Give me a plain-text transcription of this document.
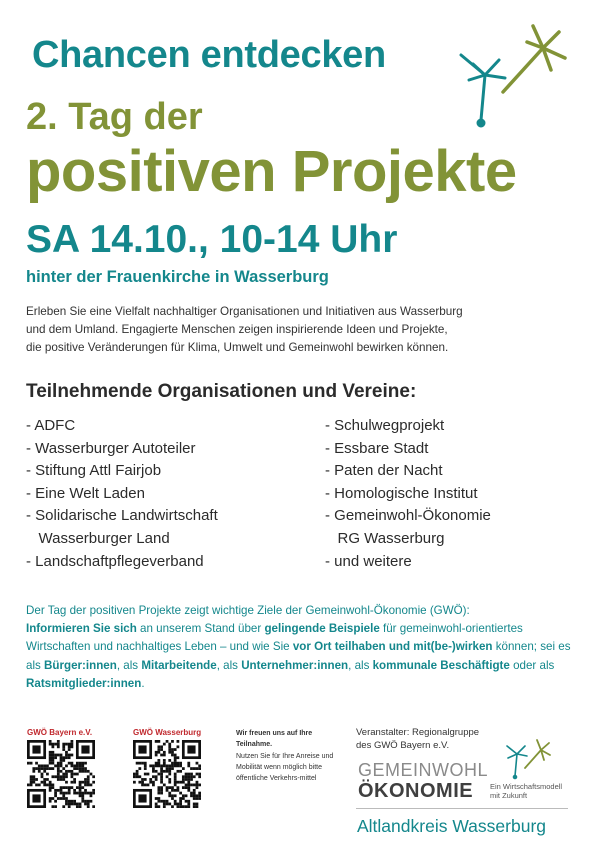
Chancen entdecken
2. Tag der
positiven Projekte
SA 14.10., 10-14 Uhr
hinter der Frauenkirche in Wasserburg
Erleben Sie eine Vielfalt nachhaltiger Organisationen und Initiativen aus Wasserburg
und dem Umland. Engagierte Menschen zeigen inspirierende Ideen und Projekte,
die positive Veränderungen für Klima, Umwelt und Gemeinwohl bewirken können.
Teilnehmende Organisationen und Vereine:
- ADFC
- Wasserburger Autoteiler
- Stiftung Attl Fairjob
- Eine Welt Laden
- Solidarische Landwirtschaft
Wasserburger Land
- Landschaftpflegeverband
- Schulwegprojekt
- Essbare Stadt
- Paten der Nacht
- Homologische Institut
- Gemeinwohl-Ökonomie
RG Wasserburg
- und weitere
Der Tag der positiven Projekte zeigt wichtige Ziele der Gemeinwohl-Ökonomie (GWÖ):
Informieren Sie sich an unserem Stand über gelingende Beispiele für gemeinwohl-orientiertes Wirtschaften und nachhaltiges Leben – und wie Sie vor Ort teilhaben und mit(be-)wirken können; sei es als Bürger:innen, als Mitarbeitende, als Unternehmer:innen, als kommunale Beschäftigte oder als Ratsmitglieder:innen.
GWÖ Bayern e.V.	GWÖ Wasserburg	Wir freuen uns auf Ihre Teilnahme.
Nutzen Sie für Ihre Anreise und Mobilität wenn möglich bitte öffentliche Verkehrs-mittel
Veranstalter: Regionalgruppe
des GWÖ Bayern e.V.
GEMEINWOHL
ÖKONOMIE Ein Wirtschaftsmodell
mit Zukunft
Altlandkreis Wasserburg
